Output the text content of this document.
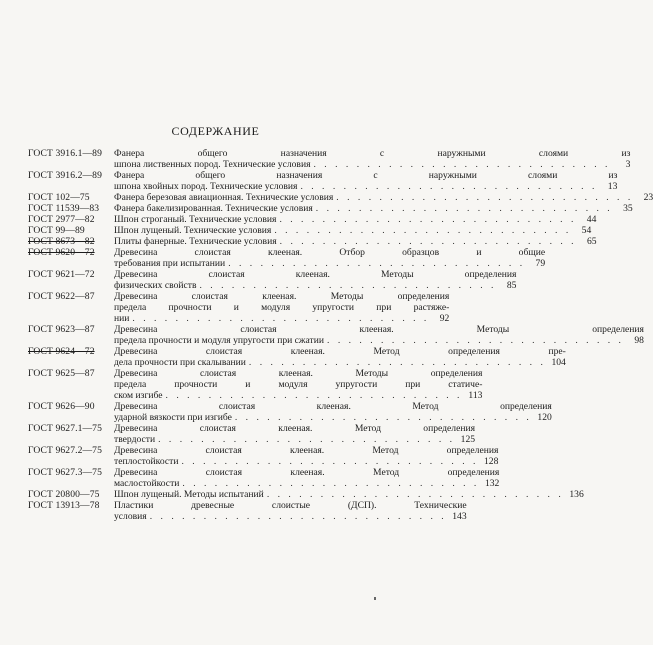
СОДЕРЖАНИЕ
ГОСТ 3916.1—89	Фанера общего назначения с наружными слоями из
шпона лиственных пород. Технические условия . . . . . . . . . . . . . . . . . . . . . . . . . . . .	3
ГОСТ 3916.2—89	Фанера общего назначения с наружными слоями из
шпона хвойных пород. Технические условия . . . . . . . . . . . . . . . . . . . . . . . . . . . .	13
ГОСТ 102—75	Фанера березовая авиационная. Технические условия . . . . . . . . . . . . . . . . . . . . . . . . . . . .	23
ГОСТ 11539—83	Фанера бакелизированная. Технические условия . . . . . . . . . . . . . . . . . . . . . . . . . . . .	35
ГОСТ 2977—82	Шпон строганый. Технические условия . . . . . . . . . . . . . . . . . . . . . . . . . . . .	44
ГОСТ 99—89	Шпон лущеный. Технические условия . . . . . . . . . . . . . . . . . . . . . . . . . . . .	54
ГОСТ 8673—82	Плиты фанерные. Технические условия . . . . . . . . . . . . . . . . . . . . . . . . . . . .	65
ГОСТ 9620—72	Древесина слоистая клееная. Отбор образцов и общие
требования при испытании . . . . . . . . . . . . . . . . . . . . . . . . . . . .	79
ГОСТ 9621—72	Древесина слоистая клееная. Методы определения
физических свойств . . . . . . . . . . . . . . . . . . . . . . . . . . . .	85
ГОСТ 9622—87	Древесина слоистая клееная. Методы определения
предела прочности и модуля упругости при растяже-
нии . . . . . . . . . . . . . . . . . . . . . . . . . . . .	92
ГОСТ 9623—87	Древесина слоистая клееная. Методы определения
предела прочности и модуля упругости при сжатии . . . . . . . . . . . . . . . . . . . . . . . . . . . .	98
ГОСТ 9624—72	Древесина слоистая клееная. Метод определения пре-
дела прочности при скалывании . . . . . . . . . . . . . . . . . . . . . . . . . . . . 104
ГОСТ 9625—87	Древесина слоистая клееная. Методы определения
предела прочности и модуля упругости при статиче-
ском изгибе . . . . . . . . . . . . . . . . . . . . . . . . . . . . 113
ГОСТ 9626—90	Древесина слоистая клееная. Метод определения
ударной вязкости при изгибе . . . . . . . . . . . . . . . . . . . . . . . . . . . . 120
ГОСТ 9627.1—75	Древесина слоистая клееная. Метод определения
твердости . . . . . . . . . . . . . . . . . . . . . . . . . . . . 125
ГОСТ 9627.2—75	Древесина слоистая клееная. Метод определения
теплостойкости . . . . . . . . . . . . . . . . . . . . . . . . . . . . 128
ГОСТ 9627.3—75	Древесина слоистая клееная. Метод определения
маслостойкости . . . . . . . . . . . . . . . . . . . . . . . . . . . . 132
ГОСТ 20800—75	Шпон лущеный. Методы испытаний . . . . . . . . . . . . . . . . . . . . . . . . . . . . 136
ГОСТ 13913—78	Пластики древесные слоистые (ДСП). Технические
условия . . . . . . . . . . . . . . . . . . . . . . . . . . . . 143
